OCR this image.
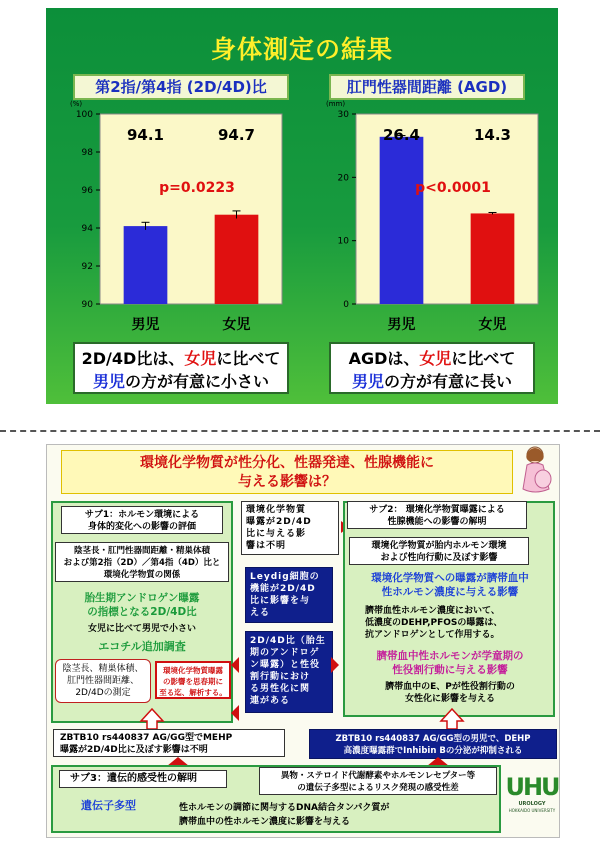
身体測定の結果
第2指/第4指 (2D/4D)比	肛門性器間距離 (AGD)
(%)
90
92
94
96
98
100
94.1
男児
94.7
女児
p=0.0223
(mm)
0
10
20
30
26.4
男児
14.3
女児
p<0.0001
2D/4D比は、女児に比べて
男児の方が有意に小さい
AGDは、女児に比べて
男児の方が有意に長い
環境化学物質が性分化、性器発達、性腺機能に
与える影響は？
サブ1：ホルモン環境による
身体的変化への影響の評価
陰茎長・肛門性器間距離・精巣体積
および第2指（2D）／第4指（4D）比と
環境化学物質の関係
胎生期アンドロゲン曝露
の指標となる2D/4D比
女児に比べて男児で小さい
エコチル追加調査
陰茎長、精巣体積、
肛門性器間距離、
2D/4Dの測定
環境化学物質曝露
の影響を思春期に
至る迄、解析する。
環境化学物質
曝露が2D/4D
比に与える影
響は不明
Leydig細胞の
機能が2D/4D
比に影響を与
える
2D/4D比（胎生
期のアンドロゲ
ン曝露）と性役
割行動におけ
る男性化に関
連がある
サブ2： 環境化学物質曝露による
性腺機能への影響の解明
環境化学物質が胎内ホルモン環境
および性向行動に及ぼす影響
環境化学物質への曝露が臍帯血中
性ホルモン濃度に与える影響
臍帯血性ホルモン濃度において、
低濃度のDEHP,PFOSの曝露は、
抗アンドロゲンとして作用する。
臍帯血中性ホルモンが学童期の
性役割行動に与える影響
臍帯血中のE、Pが性役割行動の
女性化に影響を与える
ZBTB10 rs440837 AG/GG型でMEHP
曝露が2D/4D比に及ぼす影響は不明
ZBTB10 rs440837 AG/GG型の男児で、DEHP
高濃度曝露群でInhibin Bの分泌が抑制される
サブ3：遺伝的感受性の解明	異物・ステロイド代謝酵素やホルモンレセプター等
の遺伝子多型によるリスク発現の感受性差
遺伝子多型	性ホルモンの調節に関与するDNA結合タンパク質が
臍帯血中の性ホルモン濃度に影響を与える
UHU
UROLOGY
HOKKAIDO UNIVERSITY
